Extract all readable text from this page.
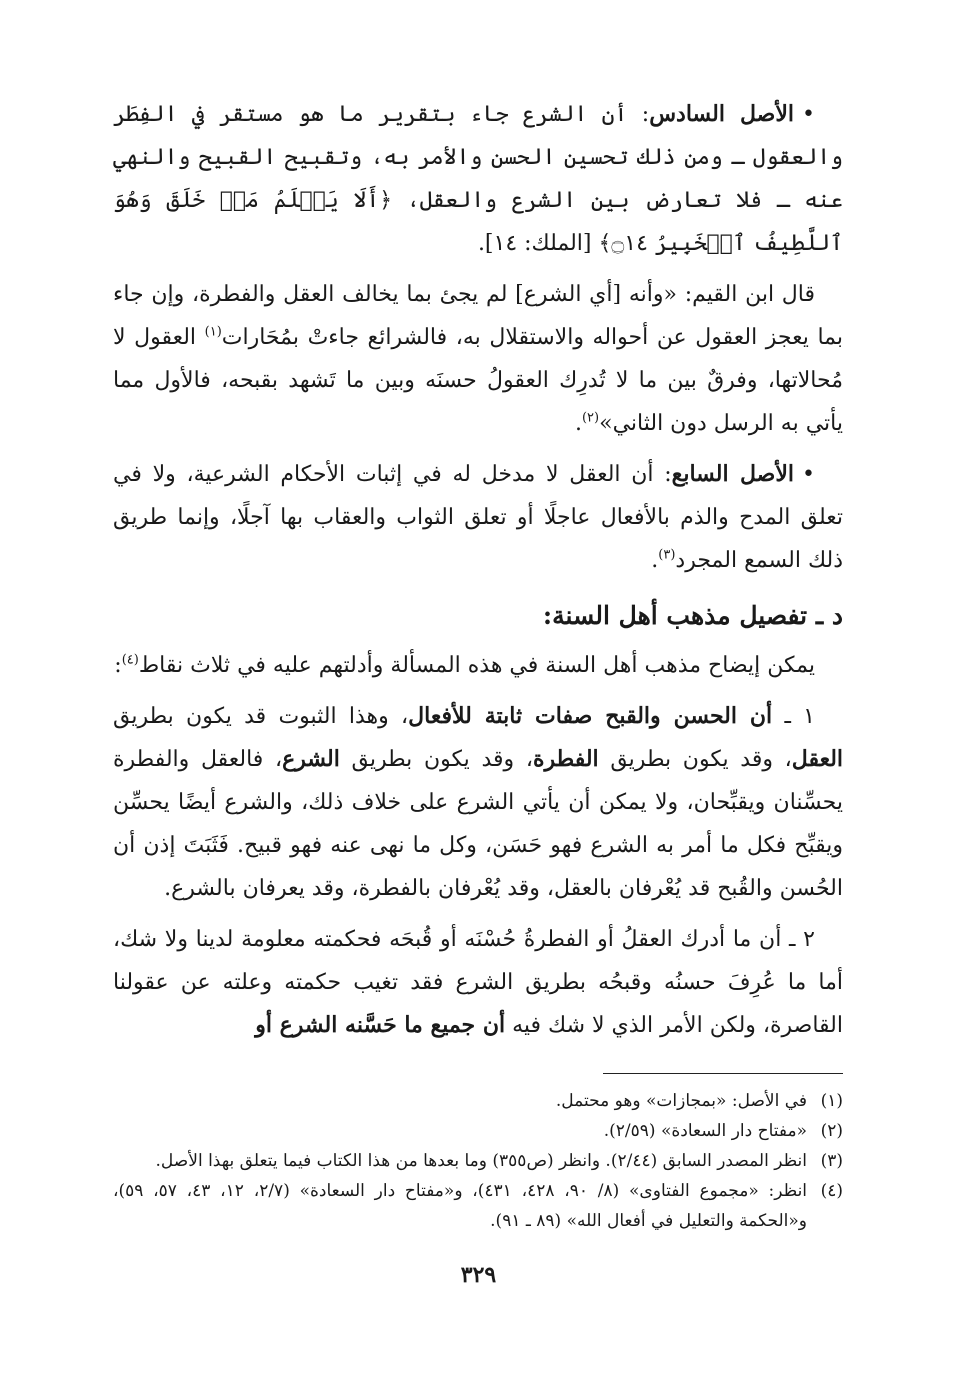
• الأصل السادس: أن الشرع جاء بتقرير ما هو مستقر في الفِطَر والعقول ـ ومن ذلك تحسين الحسن والأمر به، وتقبيح القبيح والنهي عنه ـ فلا تعارض بين الشرع والعقل، ﴿أَلَا يَعۡلَمُ مَنۡ خَلَقَ وَهُوَ ٱللَّطِيفُ ٱلۡخَبِيرُ ۝١٤﴾ [الملك: ١٤].

قال ابن القيم: «وأنه [أي الشرع] لم يجئ بما يخالف العقل والفطرة، وإن جاء بما يعجز العقول عن أحواله والاستقلال به، فالشرائع جاءتْ بمُحَارات$^{(١)}$ العقول لا مُحالاتها، وفرقٌ بين ما لا تُدرِك العقولُ حسنَه وبين ما تَشهد بقبحه، فالأول مما يأتي به الرسل دون الثاني»$^{(٢)}$.

• الأصل السابع: أن العقل لا مدخل له في إثبات الأحكام الشرعية، ولا في تعلق المدح والذم بالأفعال عاجلًا أو تعلق الثواب والعقاب بها آجلًا، وإنما طريق ذلك السمع المجرد$^{(٣)}$.

د ـ تفصيل مذهب أهل السنة:

يمكن إيضاح مذهب أهل السنة في هذه المسألة وأدلتهم عليه في ثلاث نقاط$^{(٤)}$:

١ ـ أن الحسن والقبح صفات ثابتة للأفعال، وهذا الثبوت قد يكون بطريق العقل، وقد يكون بطريق الفطرة، وقد يكون بطريق الشرع، فالعقل والفطرة يحسِّنان ويقبِّحان، ولا يمكن أن يأتي الشرع على خلاف ذلك، والشرع أيضًا يحسِّن ويقبِّح فكل ما أمر به الشرع فهو حَسَن، وكل ما نهى عنه فهو قبيح. فَثَبَتَ إذن أن الحُسن والقُبح قد يُعْرفان بالعقل، وقد يُعْرفان بالفطرة، وقد يعرفان بالشرع.

٢ ـ أن ما أدرك العقلُ أو الفطرةُ حُسْنَه أو قُبحَه فحكمته معلومة لدينا ولا شك، أما ما عُرِفَ حسنُه وقبحُه بطريق الشرع فقد تغيب حكمته وعلته عن عقولنا القاصرة، ولكن الأمر الذي لا شك فيه أن جميع ما حَسَّنه الشرع أو

(١)
في الأصل: «بمجازات» وهو محتمل.

(٢)
«مفتاح دار السعادة» (٢/٥٩).

(٣)
انظر المصدر السابق (٢/٤٤). وانظر (ص٣٥٥) وما بعدها من هذا الكتاب فيما يتعلق بهذا الأصل.

(٤)
انظر: «مجموع الفتاوى» (٨/ ٩٠، ٤٢٨، ٤٣١)، و«مفتاح دار السعادة» (٢/٧، ١٢، ٤٣، ٥٧، ٥٩)، و«الحكمة والتعليل في أفعال الله» (٨٩ ـ ٩١).

٣٢٩
